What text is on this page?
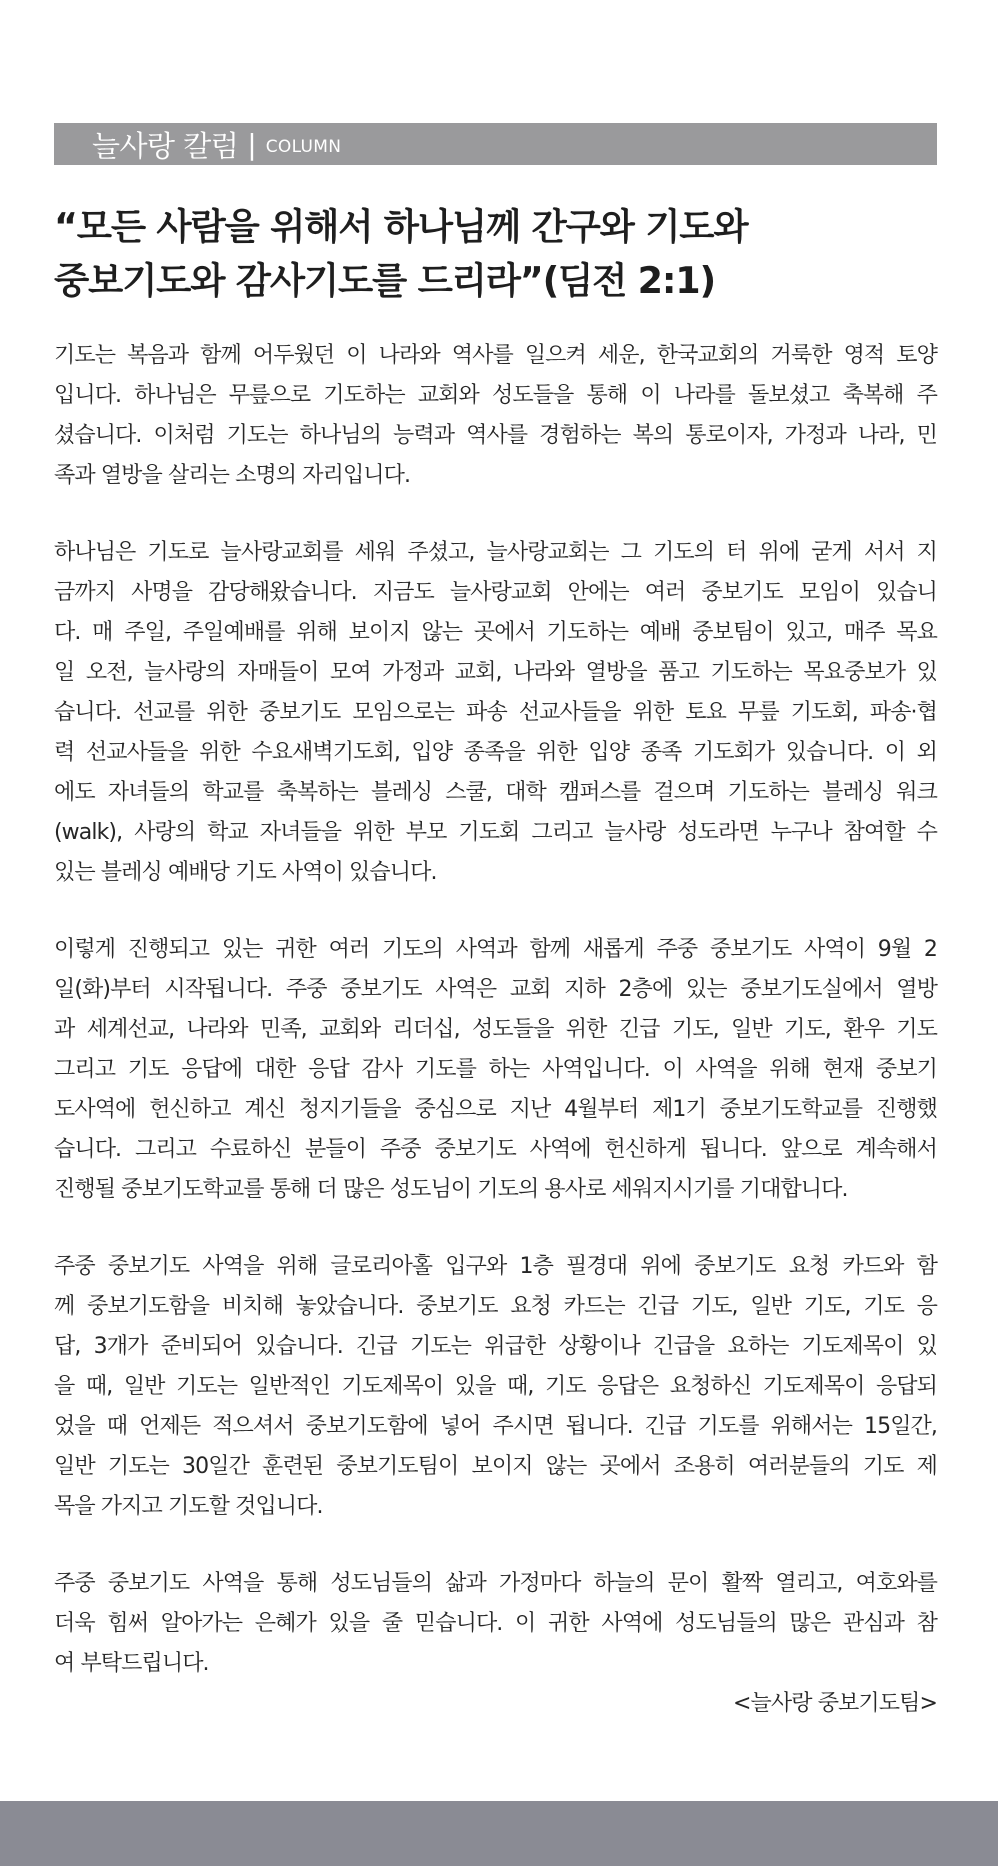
늘사랑 칼럼 | COLUMN
“모든 사람을 위해서 하나님께 간구와 기도와
중보기도와 감사기도를 드리라”(딤전 2:1)
기도는 복음과 함께 어두웠던 이 나라와 역사를 일으켜 세운, 한국교회의 거룩한 영적 토양
입니다. 하나님은 무릎으로 기도하는 교회와 성도들을 통해 이 나라를 돌보셨고 축복해 주
셨습니다. 이처럼 기도는 하나님의 능력과 역사를 경험하는 복의 통로이자, 가정과 나라, 민
족과 열방을 살리는 소명의 자리입니다.
하나님은 기도로 늘사랑교회를 세워 주셨고, 늘사랑교회는 그 기도의 터 위에 굳게 서서 지
금까지 사명을 감당해왔습니다. 지금도 늘사랑교회 안에는 여러 중보기도 모임이 있습니
다. 매 주일, 주일예배를 위해 보이지 않는 곳에서 기도하는 예배 중보팀이 있고, 매주 목요
일 오전, 늘사랑의 자매들이 모여 가정과 교회, 나라와 열방을 품고 기도하는 목요중보가 있
습니다. 선교를 위한 중보기도 모임으로는 파송 선교사들을 위한 토요 무릎 기도회, 파송·협
력 선교사들을 위한 수요새벽기도회, 입양 종족을 위한 입양 종족 기도회가 있습니다. 이 외
에도 자녀들의 학교를 축복하는 블레싱 스쿨, 대학 캠퍼스를 걸으며 기도하는 블레싱 워크
(walk), 사랑의 학교 자녀들을 위한 부모 기도회 그리고 늘사랑 성도라면 누구나 참여할 수
있는 블레싱 예배당 기도 사역이 있습니다.
이렇게 진행되고 있는 귀한 여러 기도의 사역과 함께 새롭게 주중 중보기도 사역이 9월 2
일(화)부터 시작됩니다. 주중 중보기도 사역은 교회 지하 2층에 있는 중보기도실에서 열방
과 세계선교, 나라와 민족, 교회와 리더십, 성도들을 위한 긴급 기도, 일반 기도, 환우 기도
그리고 기도 응답에 대한 응답 감사 기도를 하는 사역입니다. 이 사역을 위해 현재 중보기
도사역에 헌신하고 계신 청지기들을 중심으로 지난 4월부터 제1기 중보기도학교를 진행했
습니다. 그리고 수료하신 분들이 주중 중보기도 사역에 헌신하게 됩니다. 앞으로 계속해서
진행될 중보기도학교를 통해 더 많은 성도님이 기도의 용사로 세워지시기를 기대합니다.
주중 중보기도 사역을 위해 글로리아홀 입구와 1층 필경대 위에 중보기도 요청 카드와 함
께 중보기도함을 비치해 놓았습니다. 중보기도 요청 카드는 긴급 기도, 일반 기도, 기도 응
답, 3개가 준비되어 있습니다. 긴급 기도는 위급한 상황이나 긴급을 요하는 기도제목이 있
을 때, 일반 기도는 일반적인 기도제목이 있을 때, 기도 응답은 요청하신 기도제목이 응답되
었을 때 언제든 적으셔서 중보기도함에 넣어 주시면 됩니다. 긴급 기도를 위해서는 15일간,
일반 기도는 30일간 훈련된 중보기도팀이 보이지 않는 곳에서 조용히 여러분들의 기도 제
목을 가지고 기도할 것입니다.
주중 중보기도 사역을 통해 성도님들의 삶과 가정마다 하늘의 문이 활짝 열리고, 여호와를
더욱 힘써 알아가는 은혜가 있을 줄 믿습니다. 이 귀한 사역에 성도님들의 많은 관심과 참
여 부탁드립니다.
<늘사랑 중보기도팀>
